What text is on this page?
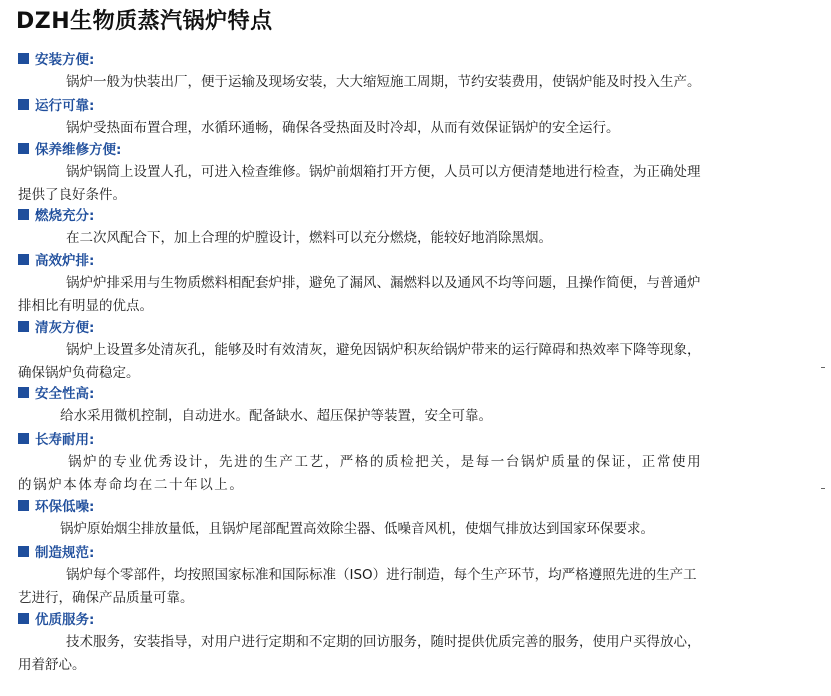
DZH生物质蒸汽锅炉特点
安装方便:
锅炉一般为快装出厂，便于运输及现场安装，大大缩短施工周期，节约安装费用，使锅炉能及时投入生产。
运行可靠:
锅炉受热面布置合理，水循环通畅，确保各受热面及时冷却，从而有效保证锅炉的安全运行。
保养维修方便:
锅炉锅筒上设置人孔，可进入检查维修。锅炉前烟箱打开方便，人员可以方便清楚地进行检查，为正确处理
提供了良好条件。
燃烧充分:
在二次风配合下，加上合理的炉膛设计，燃料可以充分燃烧，能较好地消除黑烟。
高效炉排:
锅炉炉排采用与生物质燃料相配套炉排，避免了漏风、漏燃料以及通风不均等问题，且操作简便，与普通炉
排相比有明显的优点。
清灰方便:
锅炉上设置多处清灰孔，能够及时有效清灰，避免因锅炉积灰给锅炉带来的运行障碍和热效率下降等现象，
确保锅炉负荷稳定。
安全性高:
给水采用微机控制，自动进水。配备缺水、超压保护等装置，安全可靠。
长寿耐用:
锅炉的专业优秀设计，先进的生产工艺，严格的质检把关，是每一台锅炉质量的保证，正常使用
的锅炉本体寿命均在二十年以上。
环保低噪:
锅炉原始烟尘排放量低，且锅炉尾部配置高效除尘器、低噪音风机，使烟气排放达到国家环保要求。
制造规范:
锅炉每个零部件，均按照国家标准和国际标准（ISO）进行制造，每个生产环节，均严格遵照先进的生产工
艺进行，确保产品质量可靠。
优质服务:
技术服务，安装指导，对用户进行定期和不定期的回访服务，随时提供优质完善的服务，使用户买得放心，
用着舒心。
